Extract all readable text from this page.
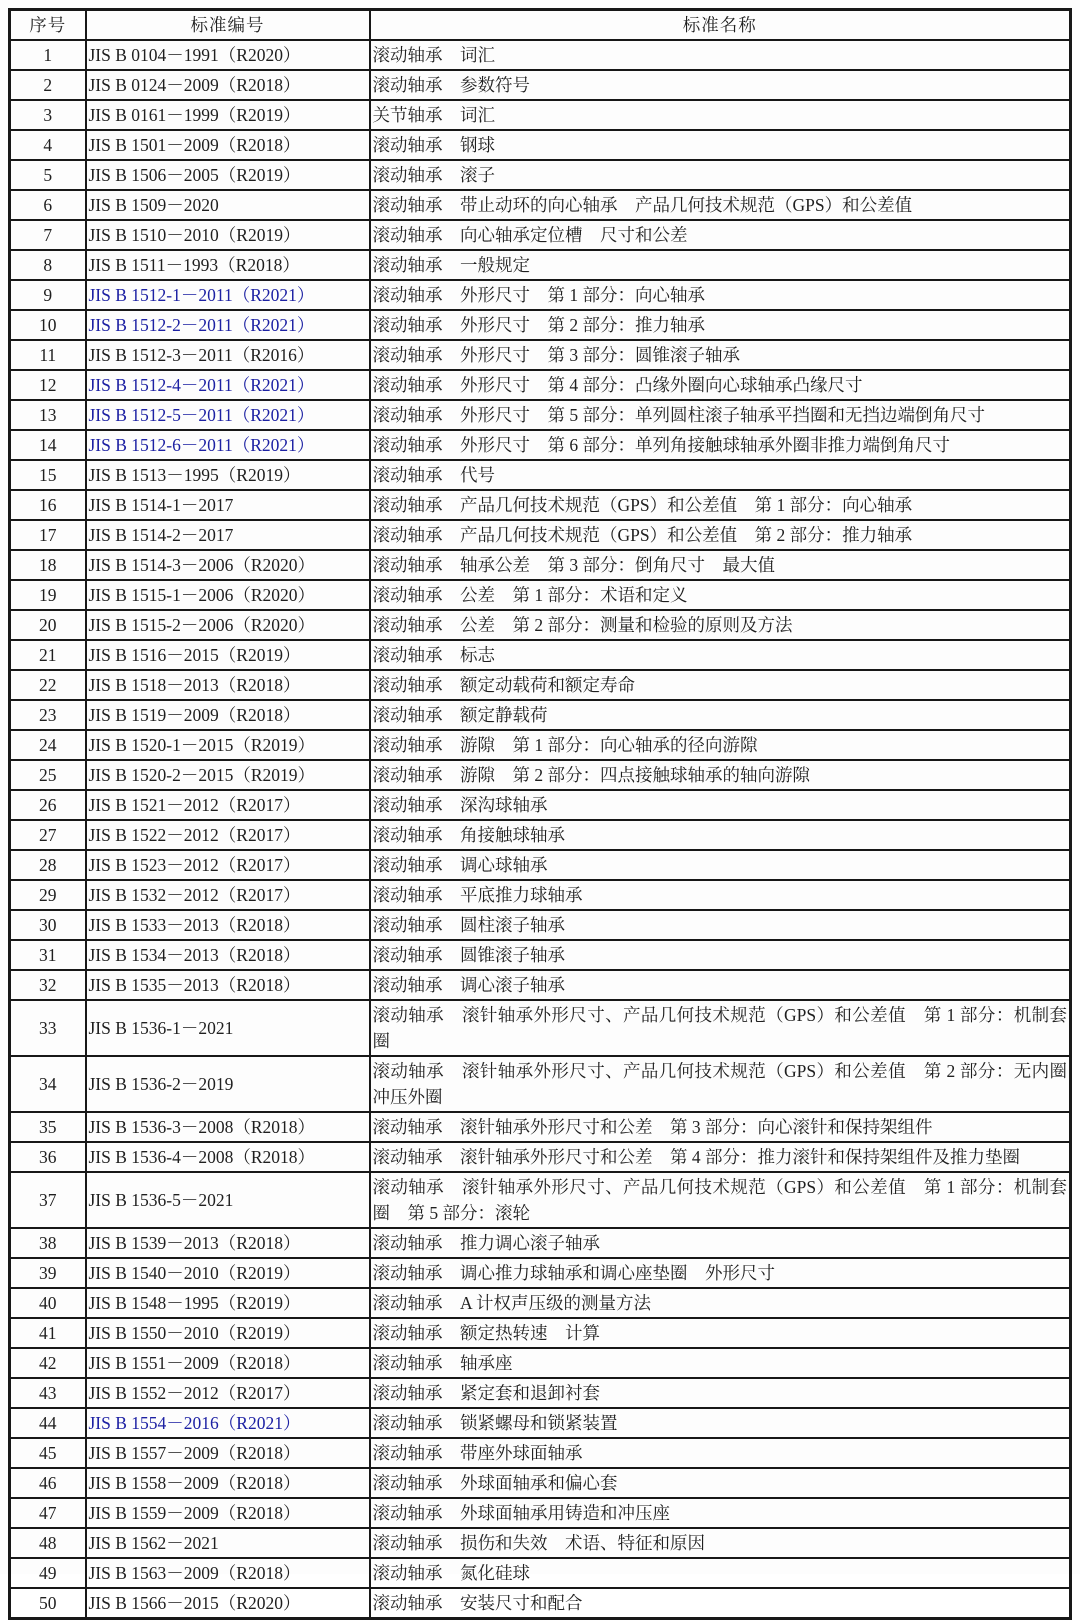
序号	标准编号	标准名称
1	JIS B 0104－1991（R2020）	滚动轴承　词汇
2	JIS B 0124－2009（R2018）	滚动轴承　参数符号
3	JIS B 0161－1999（R2019）	关节轴承　词汇
4	JIS B 1501－2009（R2018）	滚动轴承　钢球
5	JIS B 1506－2005（R2019）	滚动轴承　滚子
6	JIS B 1509－2020	滚动轴承　带止动环的向心轴承　产品几何技术规范（GPS）和公差值
7	JIS B 1510－2010（R2019）	滚动轴承　向心轴承定位槽　尺寸和公差
8	JIS B 1511－1993（R2018）	滚动轴承　一般规定
9	JIS B 1512-1－2011（R2021）	滚动轴承　外形尺寸　第 1 部分：向心轴承
10	JIS B 1512-2－2011（R2021）	滚动轴承　外形尺寸　第 2 部分：推力轴承
11	JIS B 1512-3－2011（R2016）	滚动轴承　外形尺寸　第 3 部分：圆锥滚子轴承
12	JIS B 1512-4－2011（R2021）	滚动轴承　外形尺寸　第 4 部分：凸缘外圈向心球轴承凸缘尺寸
13	JIS B 1512-5－2011（R2021）	滚动轴承　外形尺寸　第 5 部分：单列圆柱滚子轴承平挡圈和无挡边端倒角尺寸
14	JIS B 1512-6－2011（R2021）	滚动轴承　外形尺寸　第 6 部分：单列角接触球轴承外圈非推力端倒角尺寸
15	JIS B 1513－1995（R2019）	滚动轴承　代号
16	JIS B 1514-1－2017	滚动轴承　产品几何技术规范（GPS）和公差值　第 1 部分：向心轴承
17	JIS B 1514-2－2017	滚动轴承　产品几何技术规范（GPS）和公差值　第 2 部分：推力轴承
18	JIS B 1514-3－2006（R2020）	滚动轴承　轴承公差　第 3 部分：倒角尺寸　最大值
19	JIS B 1515-1－2006（R2020）	滚动轴承　公差　第 1 部分：术语和定义
20	JIS B 1515-2－2006（R2020）	滚动轴承　公差　第 2 部分：测量和检验的原则及方法
21	JIS B 1516－2015（R2019）	滚动轴承　标志
22	JIS B 1518－2013（R2018）	滚动轴承　额定动载荷和额定寿命
23	JIS B 1519－2009（R2018）	滚动轴承　额定静载荷
24	JIS B 1520-1－2015（R2019）	滚动轴承　游隙　第 1 部分：向心轴承的径向游隙
25	JIS B 1520-2－2015（R2019）	滚动轴承　游隙　第 2 部分：四点接触球轴承的轴向游隙
26	JIS B 1521－2012（R2017）	滚动轴承　深沟球轴承
27	JIS B 1522－2012（R2017）	滚动轴承　角接触球轴承
28	JIS B 1523－2012（R2017）	滚动轴承　调心球轴承
29	JIS B 1532－2012（R2017）	滚动轴承　平底推力球轴承
30	JIS B 1533－2013（R2018）	滚动轴承　圆柱滚子轴承
31	JIS B 1534－2013（R2018）	滚动轴承　圆锥滚子轴承
32	JIS B 1535－2013（R2018）	滚动轴承　调心滚子轴承
33	JIS B 1536-1－2021	滚动轴承　滚针轴承外形尺寸、产品几何技术规范（GPS）和公差值　第 1 部分：机制套圈
34	JIS B 1536-2－2019	滚动轴承　滚针轴承外形尺寸、产品几何技术规范（GPS）和公差值　第 2 部分：无内圈冲压外圈
35	JIS B 1536-3－2008（R2018）	滚动轴承　滚针轴承外形尺寸和公差　第 3 部分：向心滚针和保持架组件
36	JIS B 1536-4－2008（R2018）	滚动轴承　滚针轴承外形尺寸和公差　第 4 部分：推力滚针和保持架组件及推力垫圈
37	JIS B 1536-5－2021	滚动轴承　滚针轴承外形尺寸、产品几何技术规范（GPS）和公差值　第 1 部分：机制套圈　第 5 部分：滚轮
38	JIS B 1539－2013（R2018）	滚动轴承　推力调心滚子轴承
39	JIS B 1540－2010（R2019）	滚动轴承　调心推力球轴承和调心座垫圈　外形尺寸
40	JIS B 1548－1995（R2019）	滚动轴承　A 计权声压级的测量方法
41	JIS B 1550－2010（R2019）	滚动轴承　额定热转速　计算
42	JIS B 1551－2009（R2018）	滚动轴承　轴承座
43	JIS B 1552－2012（R2017）	滚动轴承　紧定套和退卸衬套
44	JIS B 1554－2016（R2021）	滚动轴承　锁紧螺母和锁紧装置
45	JIS B 1557－2009（R2018）	滚动轴承　带座外球面轴承
46	JIS B 1558－2009（R2018）	滚动轴承　外球面轴承和偏心套
47	JIS B 1559－2009（R2018）	滚动轴承　外球面轴承用铸造和冲压座
48	JIS B 1562－2021	滚动轴承　损伤和失效　术语、特征和原因
49	JIS B 1563－2009（R2018）	滚动轴承　氮化硅球
50	JIS B 1566－2015（R2020）	滚动轴承　安装尺寸和配合
